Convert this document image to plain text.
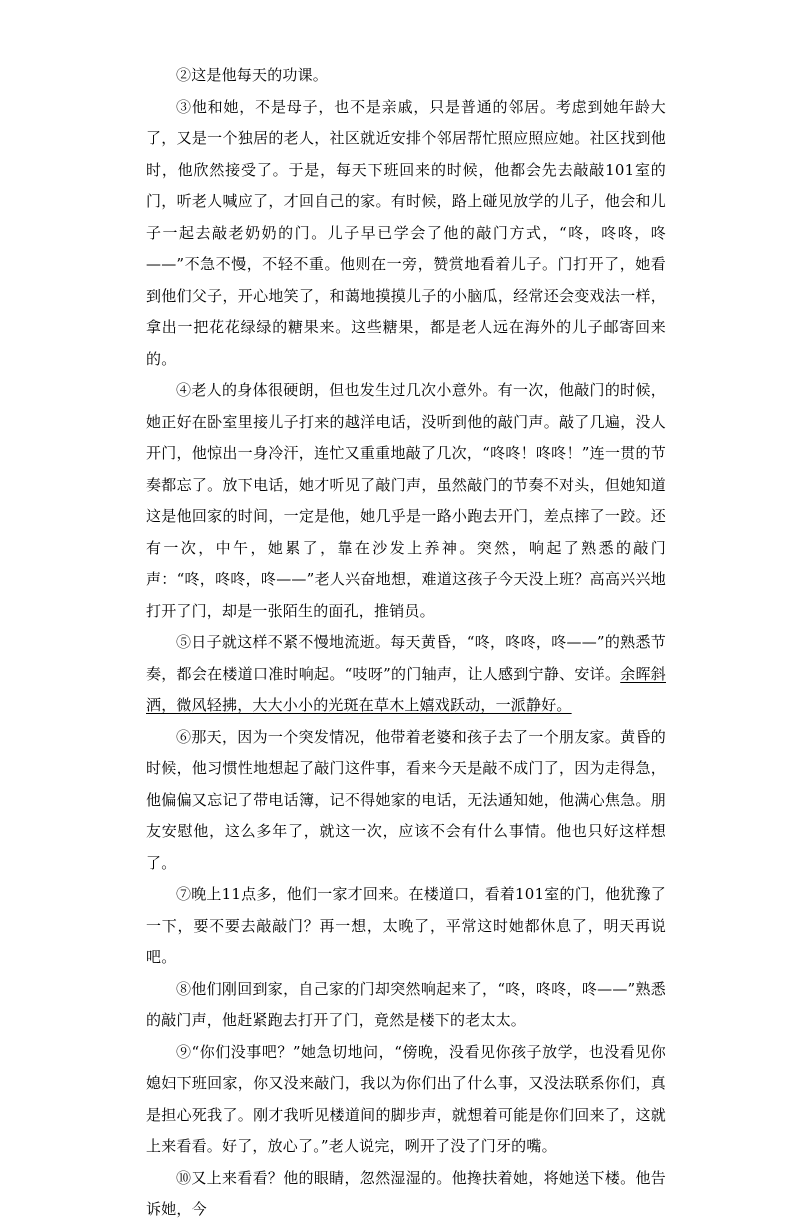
②这是他每天的功课。

③他和她，不是母子，也不是亲戚，只是普通的邻居。考虑到她年龄大了，又是一个独居的老人，社区就近安排个邻居帮忙照应照应她。社区找到他时，他欣然接受了。于是，每天下班回来的时候，他都会先去敲敲101室的门，听老人喊应了，才回自己的家。有时候，路上碰见放学的儿子，他会和儿子一起去敲老奶奶的门。儿子早已学会了他的敲门方式，“咚，咚咚，咚——”不急不慢，不轻不重。他则在一旁，赞赏地看着儿子。门打开了，她看到他们父子，开心地笑了，和蔼地摸摸儿子的小脑瓜，经常还会变戏法一样，拿出一把花花绿绿的糖果来。这些糖果，都是老人远在海外的儿子邮寄回来的。

④老人的身体很硬朗，但也发生过几次小意外。有一次，他敲门的时候，她正好在卧室里接儿子打来的越洋电话，没听到他的敲门声。敲了几遍，没人开门，他惊出一身冷汗，连忙又重重地敲了几次，“咚咚！咚咚！”连一贯的节奏都忘了。放下电话，她才听见了敲门声，虽然敲门的节奏不对头，但她知道这是他回家的时间，一定是他，她几乎是一路小跑去开门，差点摔了一跤。还有一次，中午，她累了，靠在沙发上养神。突然，响起了熟悉的敲门声：“咚，咚咚，咚——”老人兴奋地想，难道这孩子今天没上班？高高兴兴地打开了门，却是一张陌生的面孔，推销员。

⑤日子就这样不紧不慢地流逝。每天黄昏，“咚，咚咚，咚——”的熟悉节奏，都会在楼道口准时响起。“吱呀”的门轴声，让人感到宁静、安详。余晖斜洒，微风轻拂，大大小小的光斑在草木上嬉戏跃动，一派静好。

⑥那天，因为一个突发情况，他带着老婆和孩子去了一个朋友家。黄昏的时候，他习惯性地想起了敲门这件事，看来今天是敲不成门了，因为走得急，他偏偏又忘记了带电话簿，记不得她家的电话，无法通知她，他满心焦急。朋友安慰他，这么多年了，就这一次，应该不会有什么事情。他也只好这样想了。

⑦晚上11点多，他们一家才回来。在楼道口，看着101室的门，他犹豫了一下，要不要去敲敲门？再一想，太晚了，平常这时她都休息了，明天再说吧。

⑧他们刚回到家，自己家的门却突然响起来了，“咚，咚咚，咚——”熟悉的敲门声，他赶紧跑去打开了门，竟然是楼下的老太太。

⑨“你们没事吧？”她急切地问，“傍晚，没看见你孩子放学，也没看见你媳妇下班回家，你又没来敲门，我以为你们出了什么事，又没法联系你们，真是担心死我了。刚才我听见楼道间的脚步声，就想着可能是你们回来了，这就上来看看。好了，放心了。”老人说完，咧开了没了门牙的嘴。

⑩又上来看看？他的眼睛，忽然湿湿的。他搀扶着她，将她送下楼。他告诉她，今
